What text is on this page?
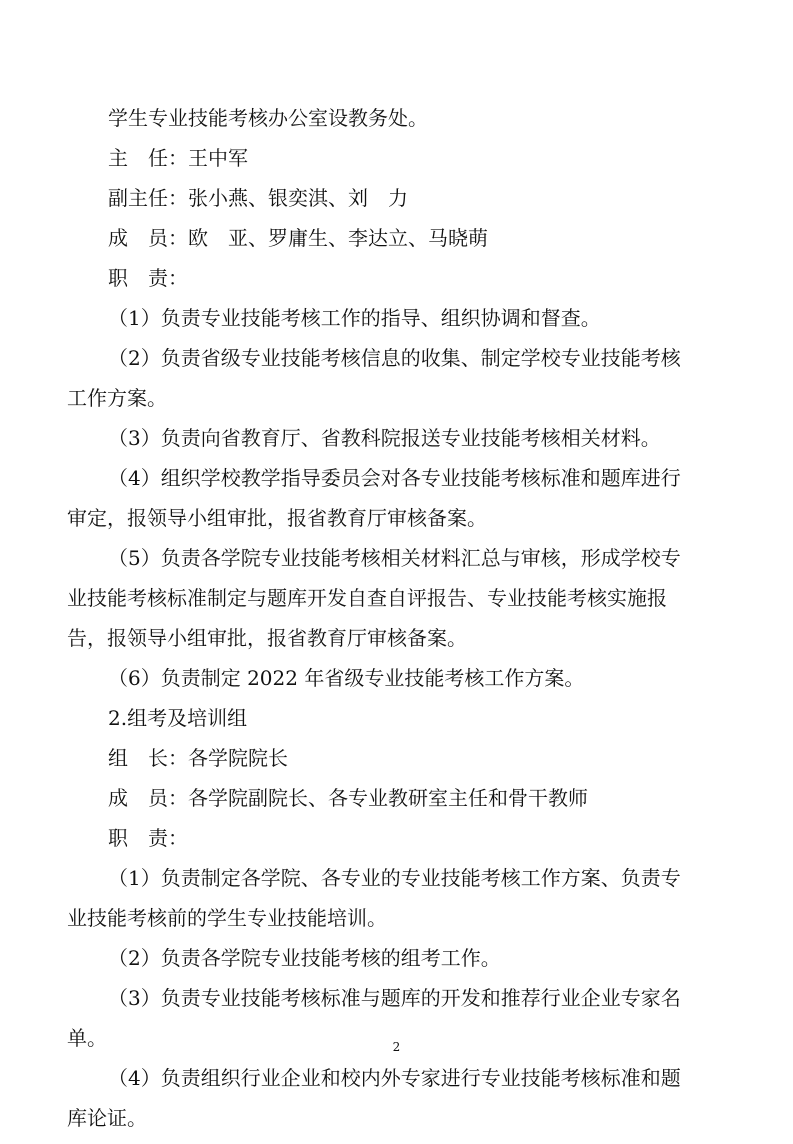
学生专业技能考核办公室设教务处。
主　任：王中军
副主任：张小燕、银奕淇、刘　力
成　员：欧　亚、罗庸生、李达立、马晓萌
职　责：
（1）负责专业技能考核工作的指导、组织协调和督查。
（2）负责省级专业技能考核信息的收集、制定学校专业技能考核
工作方案。
（3）负责向省教育厅、省教科院报送专业技能考核相关材料。
（4）组织学校教学指导委员会对各专业技能考核标准和题库进行
审定，报领导小组审批，报省教育厅审核备案。
（5）负责各学院专业技能考核相关材料汇总与审核，形成学校专
业技能考核标准制定与题库开发自查自评报告、专业技能考核实施报
告，报领导小组审批，报省教育厅审核备案。
（6）负责制定 2022 年省级专业技能考核工作方案。
2.组考及培训组
组　长：各学院院长
成　员：各学院副院长、各专业教研室主任和骨干教师
职　责：
（1）负责制定各学院、各专业的专业技能考核工作方案、负责专
业技能考核前的学生专业技能培训。
（2）负责各学院专业技能考核的组考工作。
（3）负责专业技能考核标准与题库的开发和推荐行业企业专家名
单。
（4）负责组织行业企业和校内外专家进行专业技能考核标准和题
库论证。
2
